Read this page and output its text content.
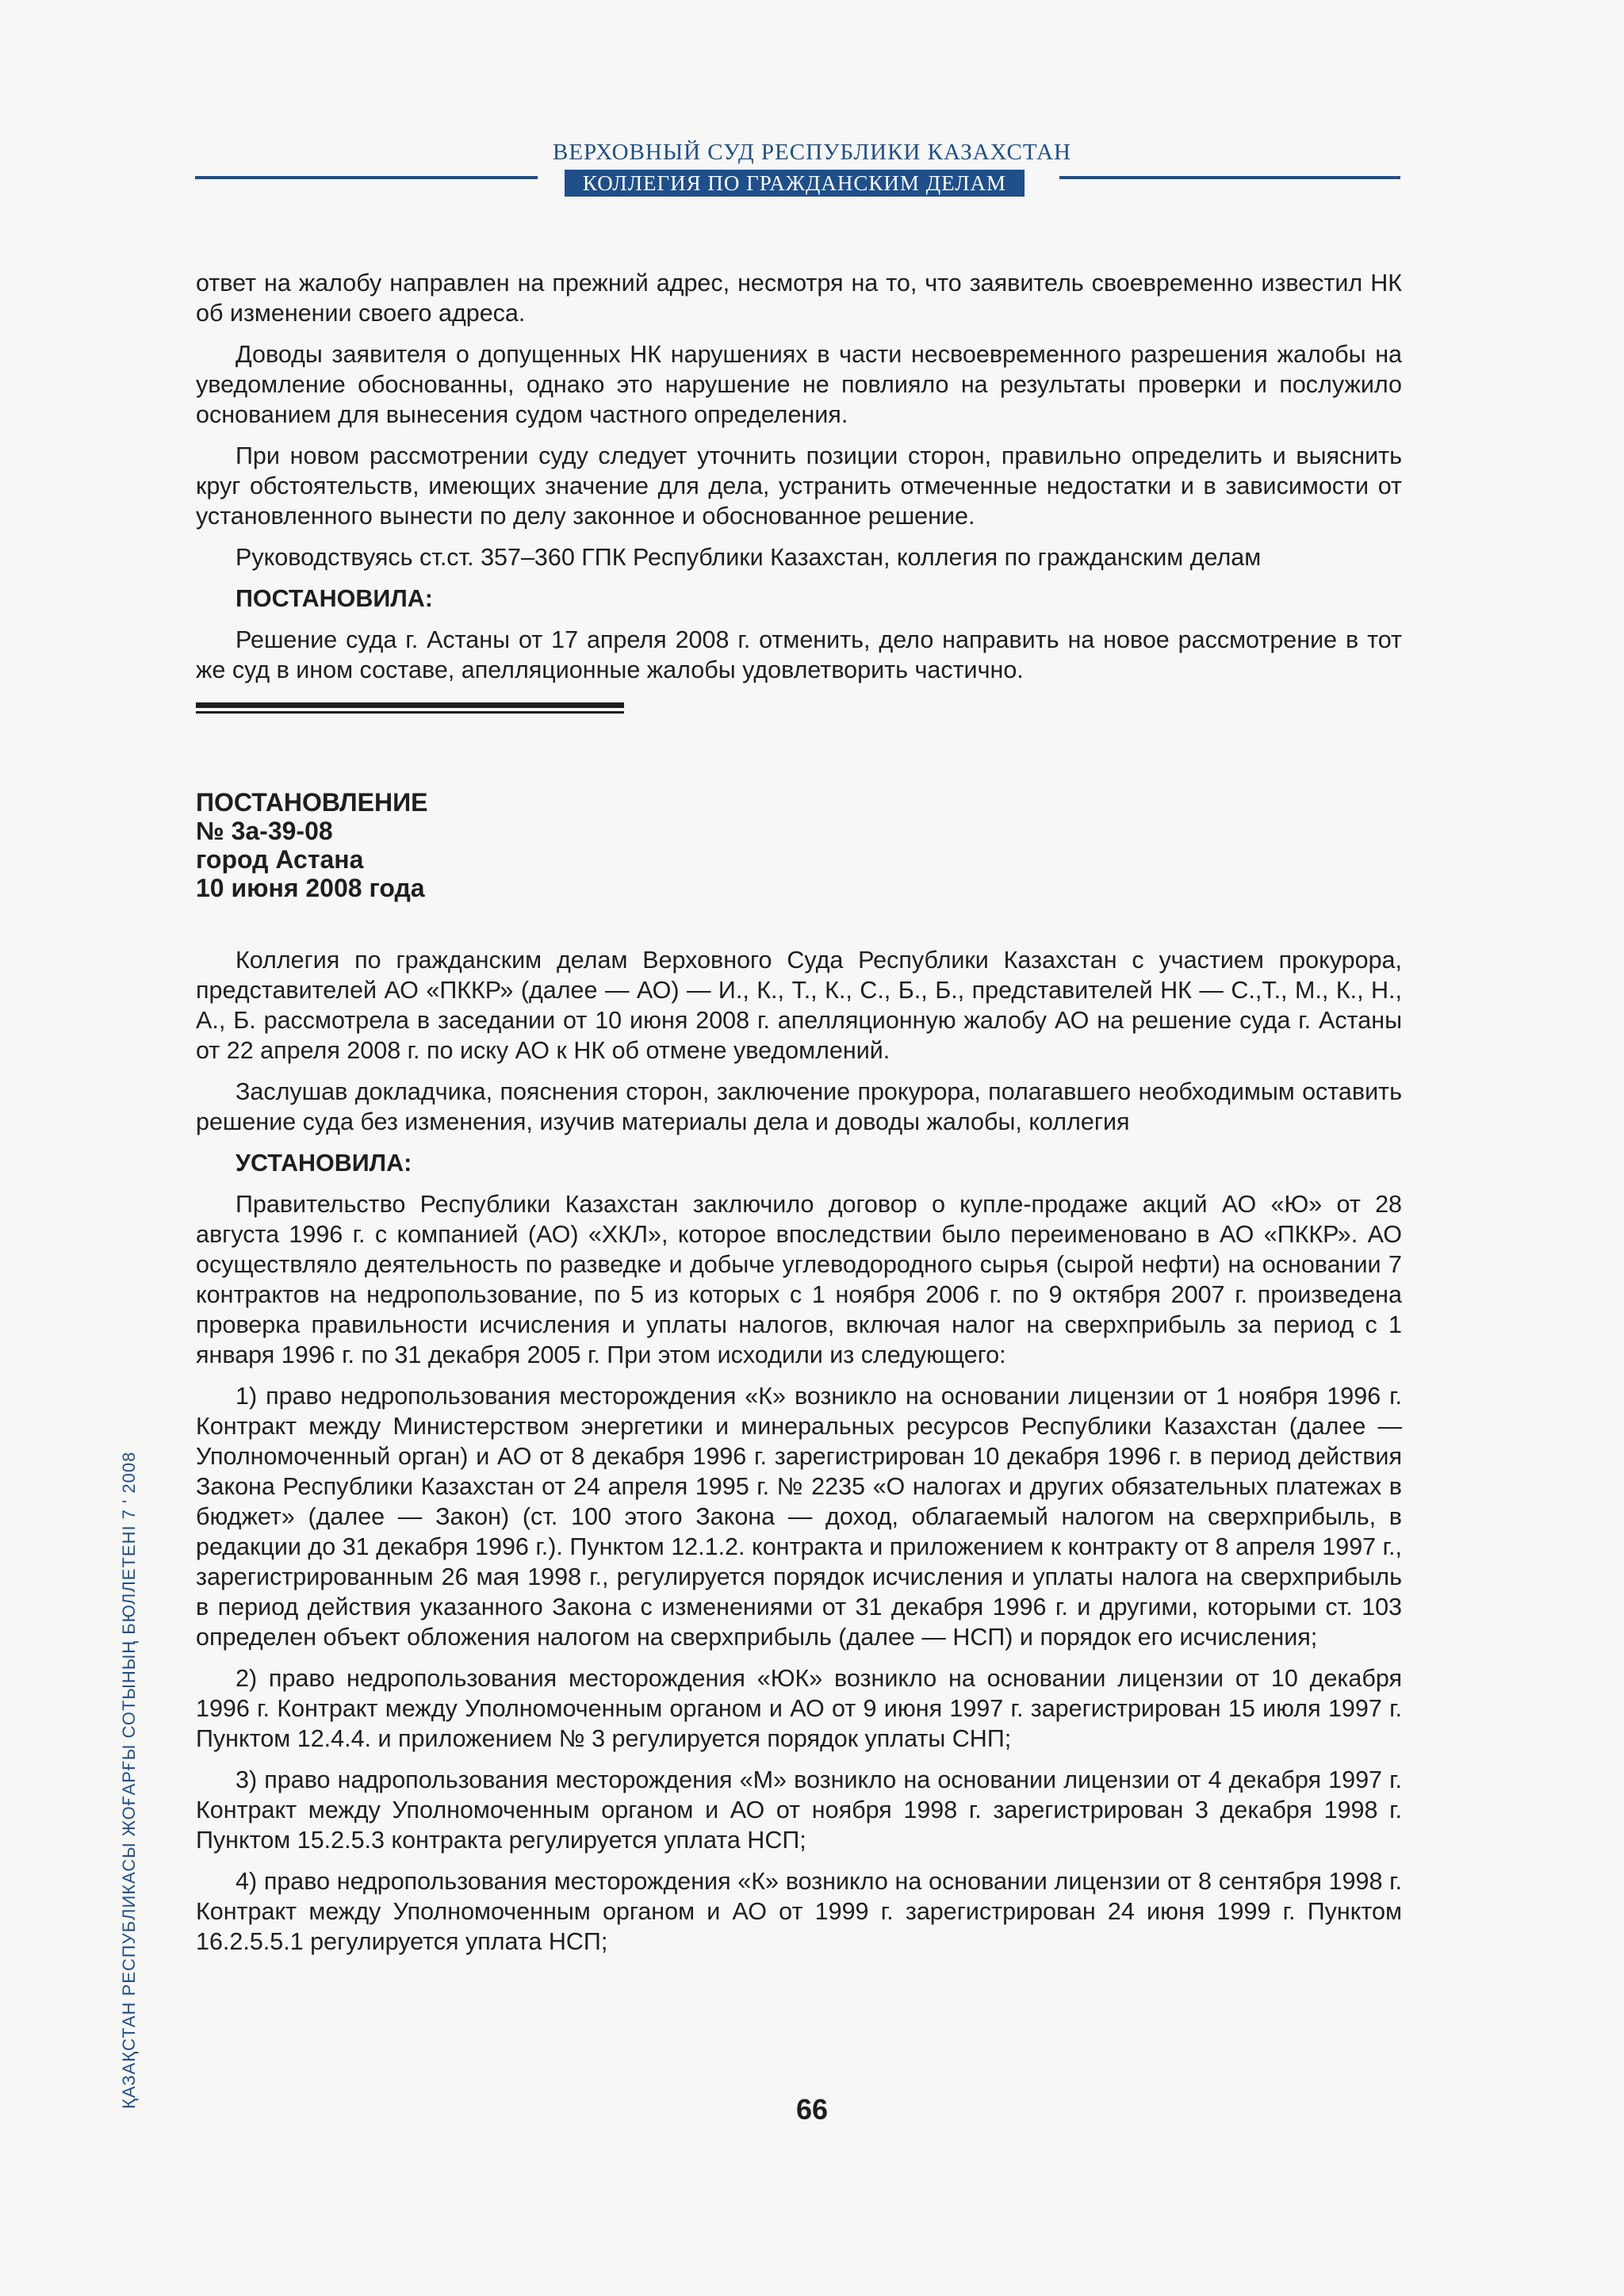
ВЕРХОВНЫЙ СУД РЕСПУБЛИКИ КАЗАХСТАН
КОЛЛЕГИЯ ПО ГРАЖДАНСКИМ ДЕЛАМ

ответ на жалобу направлен на прежний адрес, несмотря на то, что заявитель своевременно известил НК об изменении своего адреса.

Доводы заявителя о допущенных НК нарушениях в части несвоевременного разрешения жалобы на уведомление обоснованны, однако это нарушение не повлияло на результаты проверки и послужило основанием для вынесения судом частного определения.

При новом рассмотрении суду следует уточнить позиции сторон, правильно определить и выяснить круг обстоятельств, имеющих значение для дела, устранить отмеченные недостатки и в зависимости от установленного вынести по делу законное и обоснованное решение.

Руководствуясь ст.ст. 357–360 ГПК Республики Казахстан, коллегия по гражданским делам

ПОСТАНОВИЛА:

Решение суда г. Астаны от 17 апреля 2008 г. отменить, дело направить на новое рассмотрение в тот же суд в ином составе, апелляционные жалобы удовлетворить частично.

ПОСТАНОВЛЕНИЕ
№ 3а-39-08
город Астана
10 июня 2008 года

Коллегия по гражданским делам Верховного Суда Республики Казахстан с участием прокурора, представителей АО «ПККР» (далее — АО) — И., К., Т., К., С., Б., Б., представителей НК — С.,Т., М., К., Н., А., Б. рассмотрела в заседании от 10 июня 2008 г. апелляционную жалобу АО на решение суда г. Астаны от 22 апреля 2008 г. по иску АО к НК об отмене уведомлений.

Заслушав докладчика, пояснения сторон, заключение прокурора, полагавшего необходимым оставить решение суда без изменения, изучив материалы дела и доводы жалобы, коллегия

УСТАНОВИЛА:

Правительство Республики Казахстан заключило договор о купле-продаже акций АО «Ю» от 28 августа 1996 г. с компанией (АО) «ХКЛ», которое впоследствии было переименовано в АО «ПККР». АО осуществляло деятельность по разведке и добыче углеводородного сырья (сырой нефти) на основании 7 контрактов на недропользование, по 5 из которых с 1 ноября 2006 г. по 9 октября 2007 г. произведена проверка правильности исчисления и уплаты налогов, включая налог на сверхприбыль за период с 1 января 1996 г. по 31 декабря 2005 г. При этом исходили из следующего:

1) право недропользования месторождения «К» возникло на основании лицензии от 1 ноября 1996 г. Контракт между Министерством энергетики и минеральных ресурсов Республики Казахстан (далее — Уполномоченный орган) и АО от 8 декабря 1996 г. зарегистрирован 10 декабря 1996 г. в период действия Закона Республики Казахстан от 24 апреля 1995 г. № 2235 «О налогах и других обязательных платежах в бюджет» (далее — Закон) (ст. 100 этого Закона — доход, облагаемый налогом на сверхприбыль, в редакции до 31 декабря 1996 г.). Пунктом 12.1.2. контракта и приложением к контракту от 8 апреля 1997 г., зарегистрированным 26 мая 1998 г., регулируется порядок исчисления и уплаты налога на сверхприбыль в период действия указанного Закона с изменениями от 31 декабря 1996 г. и другими, которыми ст. 103 определен объект обложения налогом на сверхприбыль (далее — НСП) и порядок его исчисления;

2) право недропользования месторождения «ЮК» возникло на основании лицензии от 10 декабря 1996 г. Контракт между Уполномоченным органом и АО от 9 июня 1997 г. зарегистрирован 15 июля 1997 г. Пунктом 12.4.4. и приложением № 3 регулируется порядок уплаты СНП;

3) право надропользования месторождения «М» возникло на основании лицензии от 4 декабря 1997 г. Контракт между Уполномоченным органом и АО от ноября 1998 г. зарегистрирован 3 декабря 1998 г. Пунктом 15.2.5.3 контракта регулируется уплата НСП;

4) право недропользования месторождения «К» возникло на основании лицензии от 8 сентября 1998 г. Контракт между Уполномоченным органом и АО от 1999 г. зарегистрирован 24 июня 1999 г. Пунктом 16.2.5.5.1 регулируется уплата НСП;

ҚАЗАҚСТАН РЕСПУБЛИКАСЫ ЖОҒАРҒЫ СОТЫНЫҢ БЮЛЛЕТЕНІ 7 ' 2008
66
